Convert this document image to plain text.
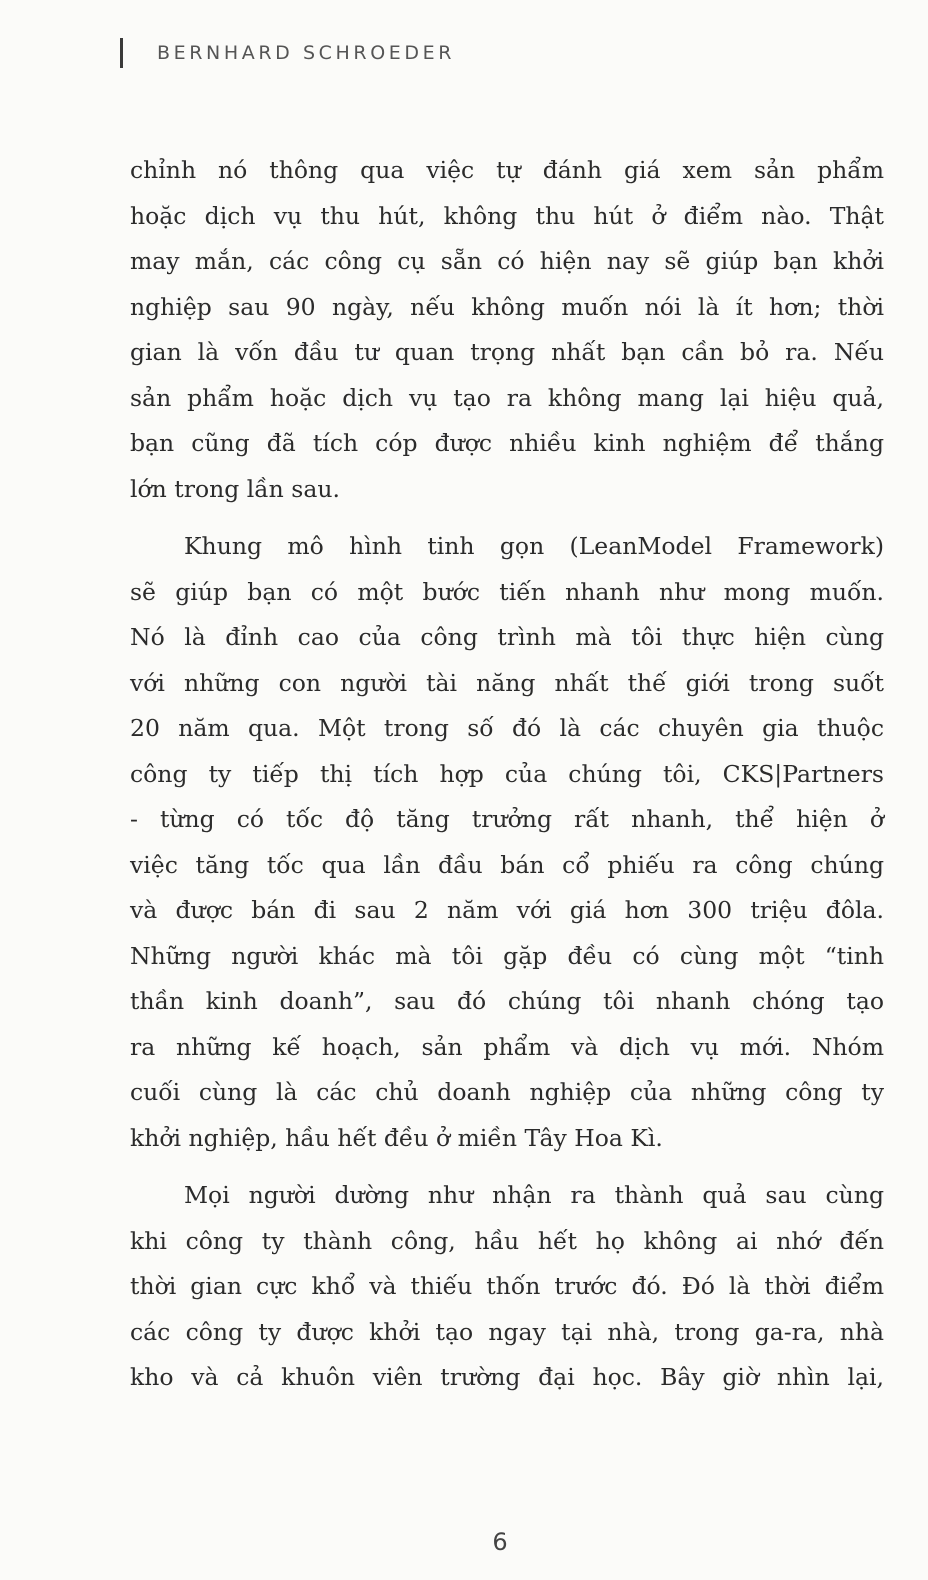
BERNHARD SCHROEDER
chỉnh nó thông qua việc tự đánh giá xem sản phẩm
hoặc dịch vụ thu hút, không thu hút ở điểm nào. Thật
may mắn, các công cụ sẵn có hiện nay sẽ giúp bạn khởi
nghiệp sau 90 ngày, nếu không muốn nói là ít hơn; thời
gian là vốn đầu tư quan trọng nhất bạn cần bỏ ra. Nếu
sản phẩm hoặc dịch vụ tạo ra không mang lại hiệu quả,
bạn cũng đã tích cóp được nhiều kinh nghiệm để thắng
lớn trong lần sau.
Khung mô hình tinh gọn (LeanModel Framework)
sẽ giúp bạn có một bước tiến nhanh như mong muốn.
Nó là đỉnh cao của công trình mà tôi thực hiện cùng
với những con người tài năng nhất thế giới trong suốt
20 năm qua. Một trong số đó là các chuyên gia thuộc
công ty tiếp thị tích hợp của chúng tôi, CKS|Partners
- từng có tốc độ tăng trưởng rất nhanh, thể hiện ở
việc tăng tốc qua lần đầu bán cổ phiếu ra công chúng
và được bán đi sau 2 năm với giá hơn 300 triệu đôla.
Những người khác mà tôi gặp đều có cùng một “tinh
thần kinh doanh”, sau đó chúng tôi nhanh chóng tạo
ra những kế hoạch, sản phẩm và dịch vụ mới. Nhóm
cuối cùng là các chủ doanh nghiệp của những công ty
khởi nghiệp, hầu hết đều ở miền Tây Hoa Kì.
Mọi người dường như nhận ra thành quả sau cùng
khi công ty thành công, hầu hết họ không ai nhớ đến
thời gian cực khổ và thiếu thốn trước đó. Đó là thời điểm
các công ty được khởi tạo ngay tại nhà, trong ga-ra, nhà
kho và cả khuôn viên trường đại học. Bây giờ nhìn lại,
6
